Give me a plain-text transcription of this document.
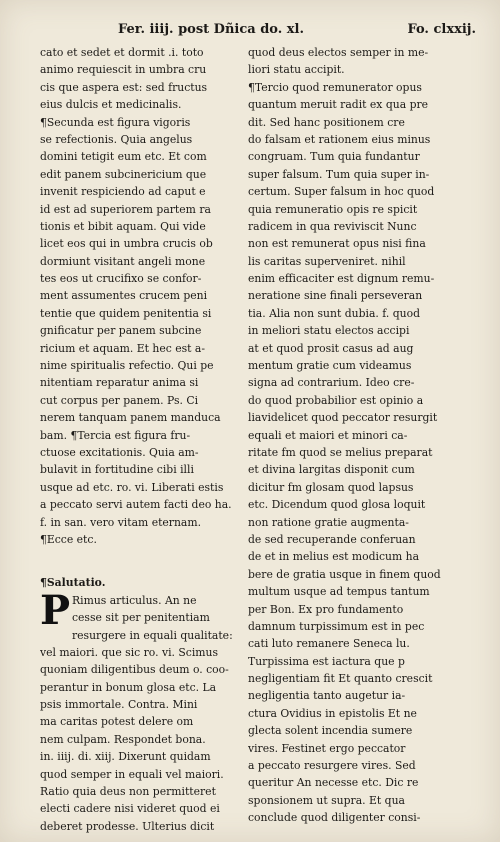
Fer. iiij. post Dñica do. xl.	Fo. clxxij.
cato et sedet et dormit .i. toto
animo requiescit in umbra cru
cis que aspera est: sed fructus
eius dulcis et medicinalis.
¶Secunda est figura vigoris
se refectionis. Quia angelus
domini tetigit eum etc. Et com
edit panem subcinericium que
invenit respiciendo ad caput e
id est ad superiorem partem ra
tionis et bibit aquam. Qui vide
licet eos qui in umbra crucis ob
dormiunt visitant angeli mone
tes eos ut crucifixo se confor-
ment assumentes crucem peni
tentie que quidem penitentia si
gnificatur per panem subcine
ricium et aquam. Et hec est a-
nime spiritualis refectio. Qui pe
nitentiam reparatur anima si
cut corpus per panem. Ps. Ci
nerem tanquam panem manduca
bam. ¶Tercia est figura fru-
ctuose excitationis. Quia am-
bulavit in fortitudine cibi illi
usque ad etc. ro. vi. Liberati estis
a peccato servi autem facti deo ha.
f. in san. vero vitam eternam.
¶Ecce etc.
¶Salutatio.
P Rimus articulus. An ne
cesse sit per penitentiam
resurgere in equali qualitate:
vel maiori. que sic ro. vi. Scimus
quoniam diligentibus deum o. coo-
perantur in bonum glosa etc. La
psis immortale. Contra. Mini
ma caritas potest delere om
nem culpam. Respondet bona.
in. iiij. di. xiij. Dixerunt quidam
quod semper in equali vel maiori.
Ratio quia deus non permitteret
electi cadere nisi videret quod ei
deberet prodesse. Ulterius dicit
quod deus electos semper in me-
liori statu accipit.
¶Tercio quod remunerator opus
quantum meruit radit ex qua pre
dit. Sed hanc positionem cre
do falsam et rationem eius minus
congruam. Tum quia fundantur
super falsum. Tum quia super in-
certum. Super falsum in hoc quod
quia remuneratio opis re spicit
radicem in qua reviviscit Nunc
non est remunerat opus nisi fina
lis caritas superveniret. nihil
enim efficaciter est dignum remu-
neratione sine finali perseveran
tia. Alia non sunt dubia. f. quod
in meliori statu electos accipi
at et quod prosit casus ad aug
mentum gratie cum videamus
signa ad contrarium. Ideo cre-
do quod probabilior est opinio a
liavidelicet quod peccator resurgit
equali et maiori et minori ca-
ritate fm quod se melius preparat
et divina largitas disponit cum
dicitur fm glosam quod lapsus
etc. Dicendum quod glosa loquit
non ratione gratie augmenta-
de sed recuperande conferuan
de et in melius est modicum ha
bere de gratia usque in finem quod
multum usque ad tempus tantum
per Bon. Ex pro fundamento
damnum turpissimum est in pec
cati luto remanere Seneca lu.
Turpissima est iactura que p
negligentiam fit Et quanto crescit
negligentia tanto augetur ia-
ctura Ovidius in epistolis Et ne
glecta solent incendia sumere
vires. Festinet ergo peccator
a peccato resurgere vires. Sed
queritur An necesse etc. Dic re
sponsionem ut supra. Et qua
conclude quod diligenter consi-
